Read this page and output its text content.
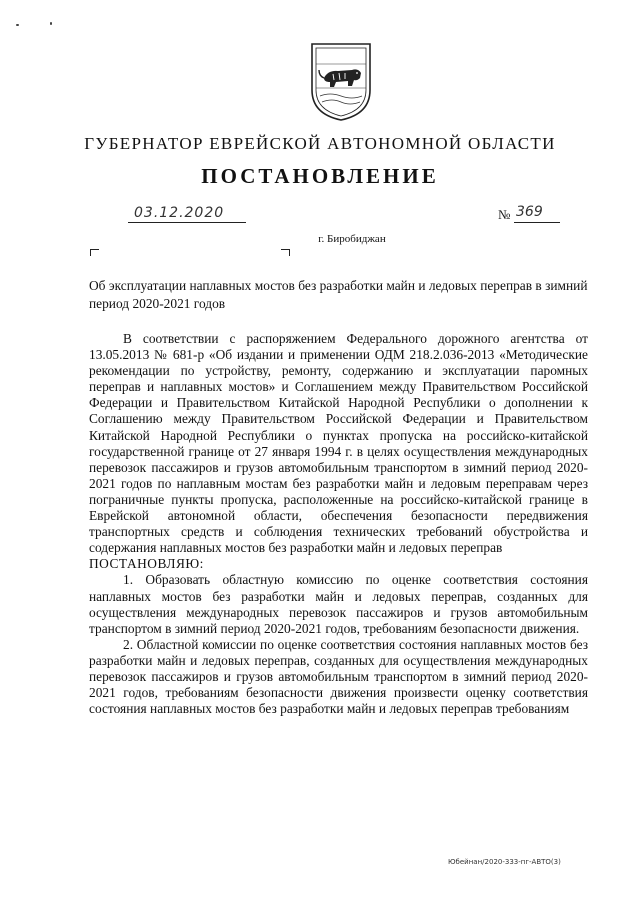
ГУБЕРНАТОР ЕВРЕЙСКОЙ АВТОНОМНОЙ ОБЛАСТИ
ПОСТАНОВЛЕНИЕ
03.12.2020	№ 369
г. Биробиджан
Об эксплуатации наплавных мостов без разработки майн и ледовых переправ в зимний период 2020-2021 годов

В соответствии с распоряжением Федерального дорожного агентства от 13.05.2013 № 681-р «Об издании и применении ОДМ 218.2.036-2013 «Методические рекомендации по устройству, ремонту, содержанию и эксплуатации паромных переправ и наплавных мостов» и Соглашением между Правительством Российской Федерации и Правительством Китайской Народной Республики о дополнении к Соглашению между Правительством Российской Федерации и Правительством Китайской Народной Республики о пунктах пропуска на российско-китайской государственной границе от 27 января 1994 г. в целях осуществления международных перевозок пассажиров и грузов автомобильным транспортом в зимний период 2020-2021 годов по наплавным мостам без разработки майн и ледовым переправам через пограничные пункты пропуска, расположенные на российско-китайской границе в Еврейской автономной области, обеспечения безопасности передвижения транспортных средств и соблюдения технических требований обустройства и содержания наплавных мостов без разработки майн и ледовых переправ

ПОСТАНОВЛЯЮ:

1. Образовать областную комиссию по оценке соответствия состояния наплавных мостов без разработки майн и ледовых переправ, созданных для осуществления международных перевозок пассажиров и грузов автомобильным транспортом в зимний период 2020-2021 годов, требованиям безопасности движения.

2. Областной комиссии по оценке соответствия состояния наплавных мостов без разработки майн и ледовых переправ, созданных для осуществления международных перевозок пассажиров и грузов автомобильным транспортом в зимний период 2020-2021 годов, требованиям безопасности движения произвести оценку соответствия состояния наплавных мостов без разработки майн и ледовых переправ требованиям

Юбейнан/2020-333-пг-АВТО(3)
